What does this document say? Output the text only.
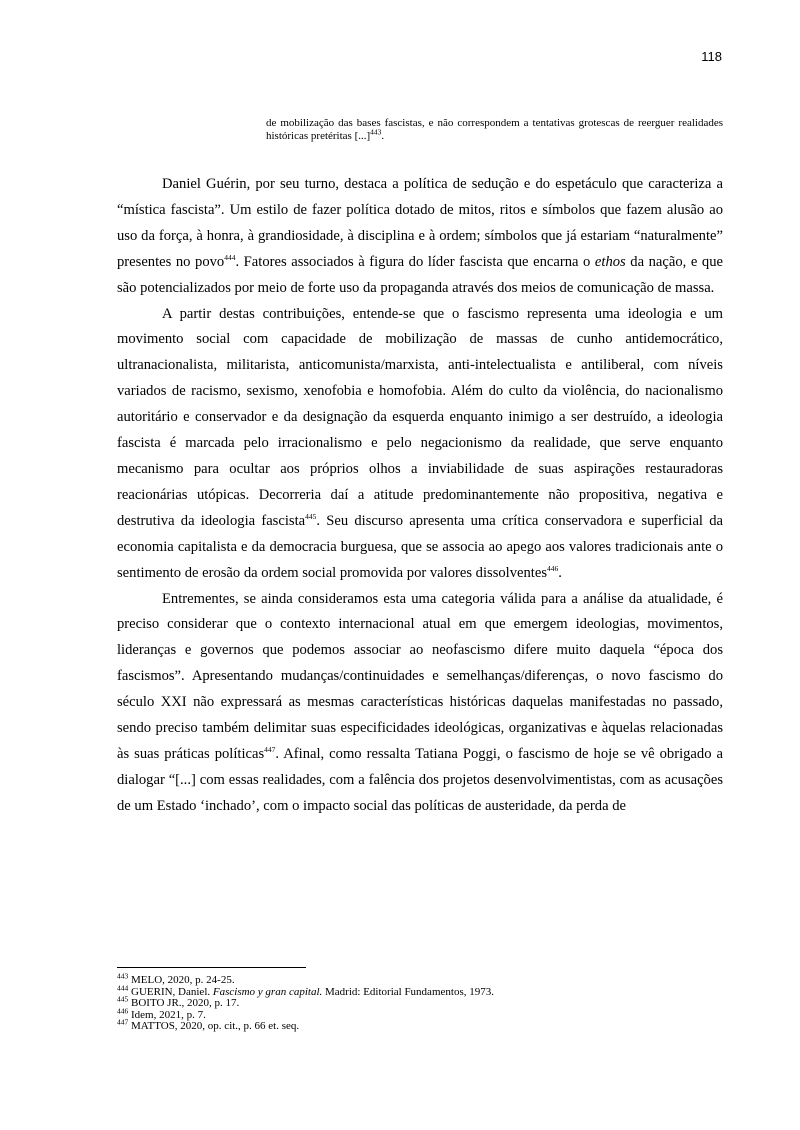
118
de mobilização das bases fascistas, e não correspondem a tentativas grotescas de reerguer realidades históricas pretéritas [...]$^{443}$.

Daniel Guérin, por seu turno, destaca a política de sedução e do espetáculo que caracteriza a “mística fascista”. Um estilo de fazer política dotado de mitos, ritos e símbolos que fazem alusão ao uso da força, à honra, à grandiosidade, à disciplina e à ordem; símbolos que já estariam “naturalmente” presentes no povo$^{444}$. Fatores associados à figura do líder fascista que encarna o ethos da nação, e que são potencializados por meio de forte uso da propaganda através dos meios de comunicação de massa.

A partir destas contribuições, entende-se que o fascismo representa uma ideologia e um movimento social com capacidade de mobilização de massas de cunho antidemocrático, ultranacionalista, militarista, anticomunista/marxista, anti-intelectualista e antiliberal, com níveis variados de racismo, sexismo, xenofobia e homofobia. Além do culto da violência, do nacionalismo autoritário e conservador e da designação da esquerda enquanto inimigo a ser destruído, a ideologia fascista é marcada pelo irracionalismo e pelo negacionismo da realidade, que serve enquanto mecanismo para ocultar aos próprios olhos a inviabilidade de suas aspirações restauradoras reacionárias utópicas. Decorreria daí a atitude predominantemente não propositiva, negativa e destrutiva da ideologia fascista$^{445}$. Seu discurso apresenta uma crítica conservadora e superficial da economia capitalista e da democracia burguesa, que se associa ao apego aos valores tradicionais ante o sentimento de erosão da ordem social promovida por valores dissolventes$^{446}$.

Entrementes, se ainda consideramos esta uma categoria válida para a análise da atualidade, é preciso considerar que o contexto internacional atual em que emergem ideologias, movimentos, lideranças e governos que podemos associar ao neofascismo difere muito daquela “época dos fascismos”. Apresentando mudanças/continuidades e semelhanças/diferenças, o novo fascismo do século XXI não expressará as mesmas características históricas daquelas manifestadas no passado, sendo preciso também delimitar suas especificidades ideológicas, organizativas e àquelas relacionadas às suas práticas políticas$^{447}$. Afinal, como ressalta Tatiana Poggi, o fascismo de hoje se vê obrigado a dialogar “[...] com essas realidades, com a falência dos projetos desenvolvimentistas, com as acusações de um Estado ‘inchado’, com o impacto social das políticas de austeridade, da perda de

$^{443}$ MELO, 2020, p. 24-25.
$^{444}$ GUERIN, Daniel. Fascismo y gran capital. Madrid: Editorial Fundamentos, 1973.
$^{445}$ BOITO JR., 2020, p. 17.
$^{446}$ Idem, 2021, p. 7.
$^{447}$ MATTOS, 2020, op. cit., p. 66 et. seq.
